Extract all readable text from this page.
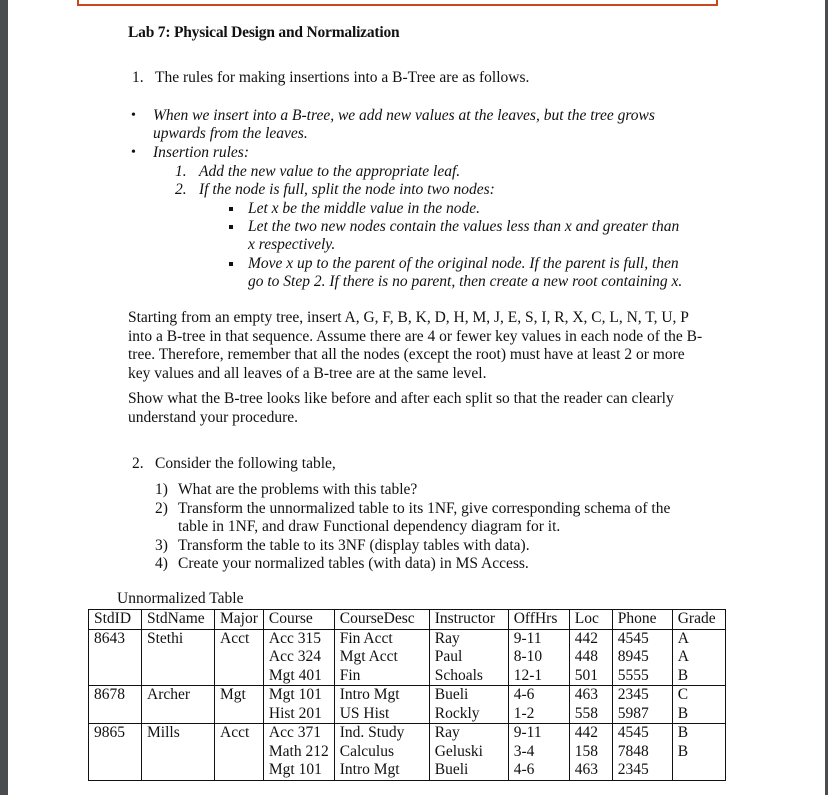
Lab 7: Physical Design and Normalization
1. The rules for making insertions into a B-Tree are as follows.
• When we insert into a B-tree, we add new values at the leaves, but the tree grows
upwards from the leaves.
• Insertion rules:
1. Add the new value to the appropriate leaf.
2. If the node is full, split the node into two nodes:
Let x be the middle value in the node.
Let the two new nodes contain the values less than x and greater than
x respectively.
Move x up to the parent of the original node. If the parent is full, then
go to Step 2. If there is no parent, then create a new root containing x.
Starting from an empty tree, insert A, G, F, B, K, D, H, M, J, E, S, I, R, X, C, L, N, T, U, P into a B-tree in that sequence. Assume there are 4 or fewer key values in each node of the B-tree. Therefore, remember that all the nodes (except the root) must have at least 2 or more key values and all leaves of a B-tree are at the same level.
Show what the B-tree looks like before and after each split so that the reader can clearly understand your procedure.
2. Consider the following table,
1) What are the problems with this table?
2) Transform the unnormalized table to its 1NF, give corresponding schema of the
table in 1NF, and draw Functional dependency diagram for it.
3) Transform the table to its 3NF (display tables with data).
4) Create your normalized tables (with data) in MS Access.
Unnormalized Table
StdID	StdName	Major	Course	CourseDesc	Instructor	OffHrs	Loc	Phone	Grade
8643	Stethi	Acct	Acc 315	Fin Acct	Ray	9-11	442	4545	A
			Acc 324	Mgt Acct	Paul	8-10	448	8945	A
			Mgt 401	Fin	Schoals	12-1	501	5555	B
8678	Archer	Mgt	Mgt 101	Intro Mgt	Bueli	4-6	463	2345	C
			Hist 201	US Hist	Rockly	1-2	558	5987	B
9865	Mills	Acct	Acc 371	Ind. Study	Ray	9-11	442	4545	B
			Math 212	Calculus	Geluski	3-4	158	7848	B
			Mgt 101	Intro Mgt	Bueli	4-6	463	2345	
